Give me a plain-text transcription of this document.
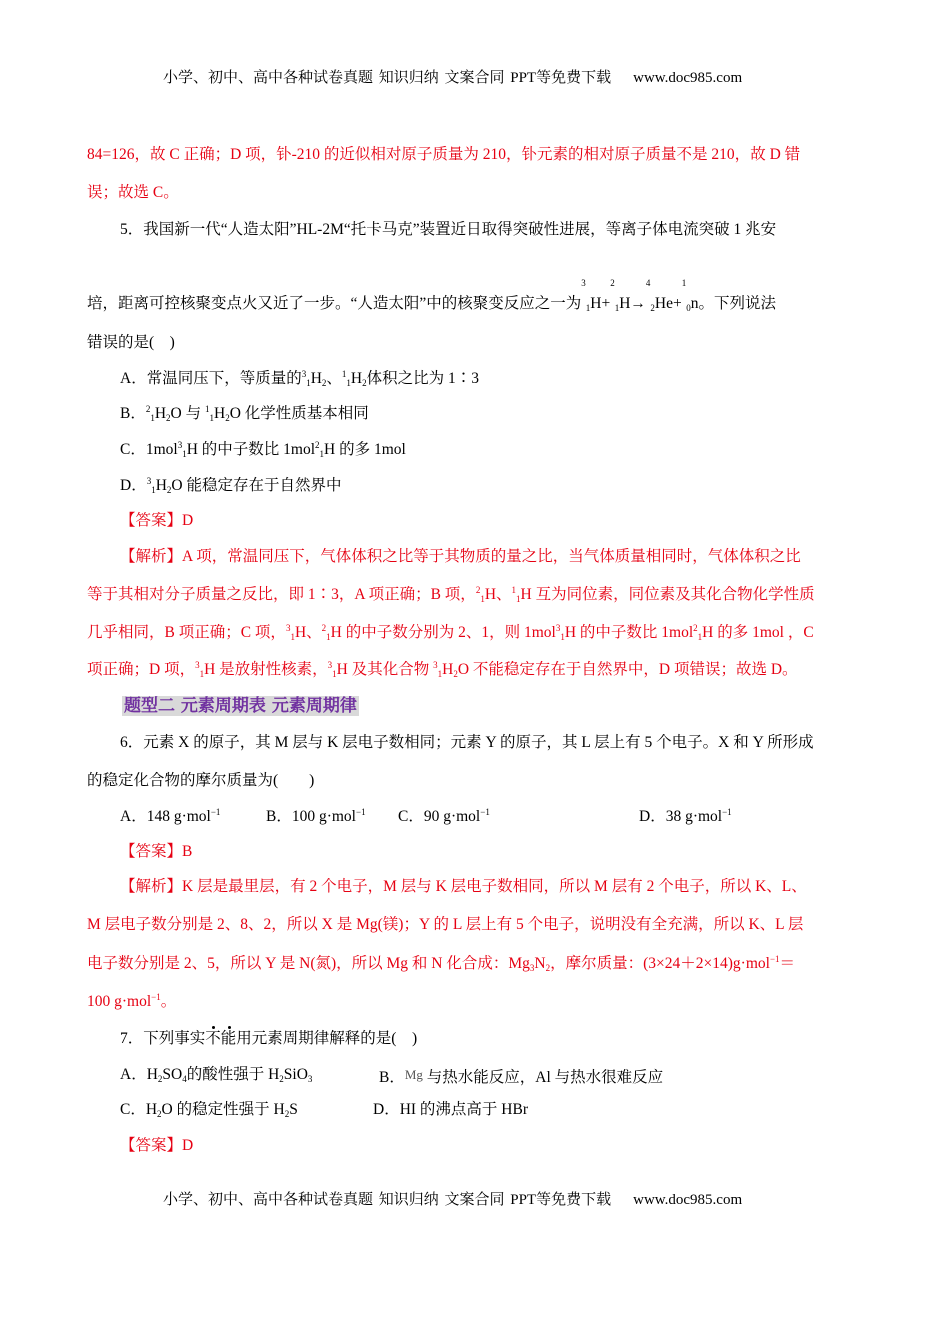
小学、初中、高中各种试卷真题 知识归纳 文案合同 PPT等免费下载 www.doc985.com
84=126，故 C 正确；D 项，钋-210 的近似相对原子质量为 210，钋元素的相对原子质量不是 210，故 D 错
误；故选 C。
5．我国新一代“人造太阳”HL-2M“托卡马克”装置近日取得突破性进展，等离子体电流突破 1 兆安
培，距离可控核聚变点火又近了一步。“人造太阳”中的核聚变反应之一为$^3_1$H+$^2_1$H→$^4_2$He+$^1_0$n。下列说法
错误的是(　)
A．常温同压下，等质量的$^3_1H_2$、$^1_1H_2$体积之比为 1∶3
B．$^2_1H_2O$ 与 $^1_1H_2O$ 化学性质基本相同
C．1mol$^3_1$H 的中子数比 1mol$^2_1$H 的多 1mol
D．$^3_1H_2O$ 能稳定存在于自然界中
【答案】D
【解析】A 项，常温同压下，气体体积之比等于其物质的量之比，当气体质量相同时，气体体积之比
等于其相对分子质量之反比，即 1∶3，A 项正确；B 项，$^2_1$H、$^1_1$H 互为同位素，同位素及其化合物化学性质
几乎相同，B 项正确；C 项，$^3_1$H、$^2_1$H 的中子数分别为 2、1，则 1mol$^3_1$H 的中子数比 1mol$^2_1$H 的多 1mol ，C
项正确；D 项，$^3_1$H 是放射性核素，$^3_1$H 及其化合物 $^3_1H_2O$ 不能稳定存在于自然界中，D 项错误；故选 D。
题型二 元素周期表 元素周期律
6．元素 X 的原子，其 M 层与 K 层电子数相同；元素 Y 的原子，其 L 层上有 5 个电子。X 和 Y 所形成
的稳定化合物的摩尔质量为(　　)
A．148 g·mol$^{-1}$	B．100 g·mol$^{-1}$ C．90 g·mol$^{-1}$	D．38 g·mol$^{-1}$
【答案】B
【解析】K 层是最里层，有 2 个电子，M 层与 K 层电子数相同，所以 M 层有 2 个电子，所以 K、L、
M 层电子数分别是 2、8、2，所以 X 是 Mg(镁)；Y 的 L 层上有 5 个电子，说明没有全充满，所以 K、L 层
电子数分别是 2、5，所以 Y 是 N(氮)，所以 Mg 和 N 化合成：$Mg_3N_2$，摩尔质量：(3×24＋2×14)g·mol$^{-1}$＝
100 g·mol$^{-1}$。
7．下列事实不能用元素周期律解释的是(　)
A．$H_2SO_4$的酸性强于 $H_2SiO_3$	B．Mg 与热水能反应，Al 与热水很难反应
C．$H_2O$ 的稳定性强于 $H_2S$	D．HI 的沸点高于 HBr
【答案】D
小学、初中、高中各种试卷真题 知识归纳 文案合同 PPT等免费下载 www.doc985.com
